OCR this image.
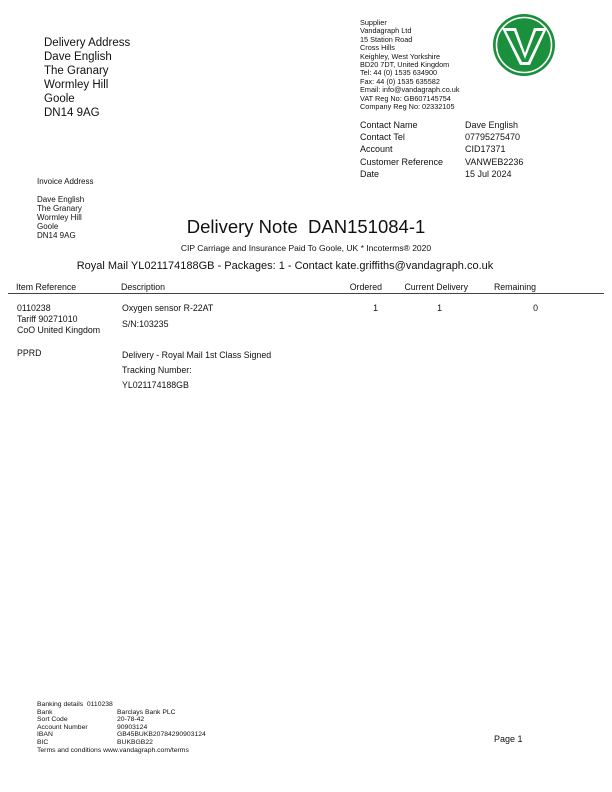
Delivery Address
Dave English
The Granary
Wormley Hill
Goole
DN14 9AG
Supplier
Vandagraph Ltd
15 Station Road
Cross Hills
Keighley, West Yorkshire
BD20 7DT, United Kingdom
Tel: 44 (0) 1535 634900
Fax: 44 (0) 1535 635582
Email: info@vandagraph.co.uk
VAT Reg No: GB607145754
Company Reg No: 02332105
Contact Name	Dave English
Contact Tel	07795275470
Account	CID17371
Customer Reference VANWEB2236
Date	15 Jul 2024
Invoice Address
Dave English
The Granary
Wormley Hill
Goole
DN14 9AG	Delivery Note  DAN151084-1
CIP Carriage and Insurance Paid To Goole, UK * Incoterms® 2020
Royal Mail YL021174188GB - Packages: 1 - Contact kate.griffiths@vandagraph.co.uk
Item Reference	Description	Ordered	Current Delivery	Remaining
0110238
Tariff 90271010
CoO United Kingdom
Oxygen sensor R-22AT
S/N:103235
1	1	0
PPRD	Delivery - Royal Mail 1st Class Signed
Tracking Number:
YL021174188GB
Banking details  0110238
Bank	Barclays Bank PLC
Sort Code	20-78-42
Account Number	90903124
IBAN	GB45BUKB20784290903124
BIC	BUKBGB22
Terms and conditions www.vandagraph.com/terms
Page 1
